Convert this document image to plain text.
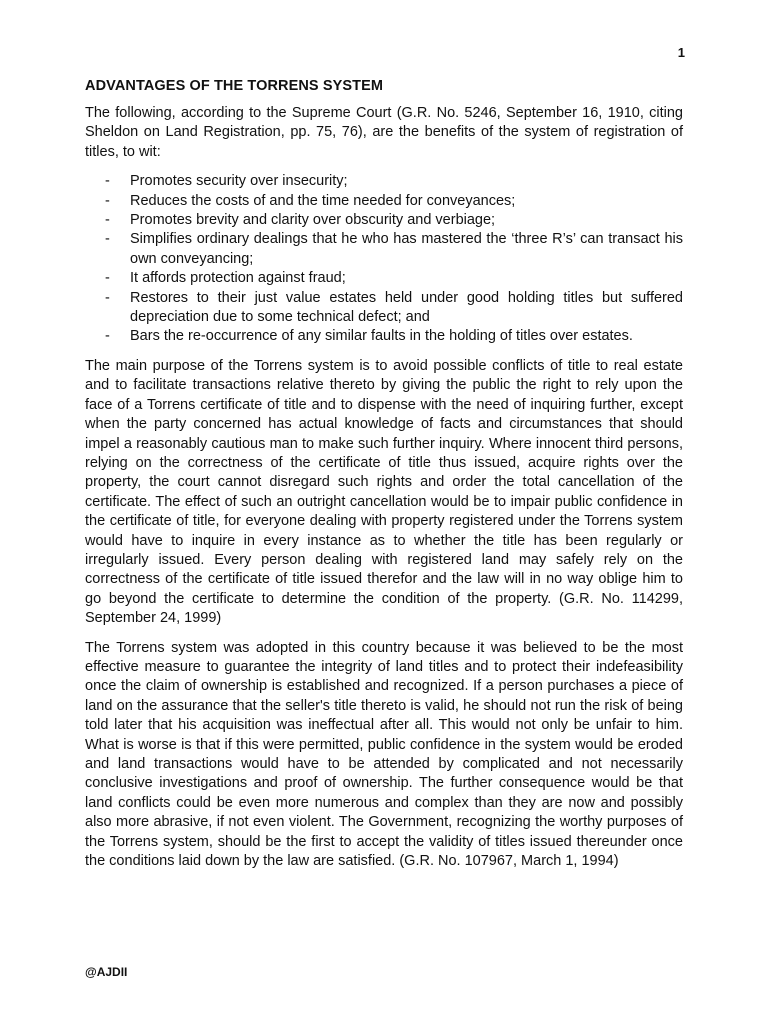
1
ADVANTAGES OF THE TORRENS SYSTEM

The following, according to the Supreme Court (G.R. No. 5246, September 16, 1910, citing Sheldon on Land Registration, pp. 75, 76), are the benefits of the system of registration of titles, to wit:

- Promotes security over insecurity;
- Reduces the costs of and the time needed for conveyances;
- Promotes brevity and clarity over obscurity and verbiage;
- Simplifies ordinary dealings that he who has mastered the ‘three R’s’ can transact his own conveyancing;
- It affords protection against fraud;
- Restores to their just value estates held under good holding titles but suffered depreciation due to some technical defect; and
- Bars the re-occurrence of any similar faults in the holding of titles over estates.

The main purpose of the Torrens system is to avoid possible conflicts of title to real estate and to facilitate transactions relative thereto by giving the public the right to rely upon the face of a Torrens certificate of title and to dispense with the need of inquiring further, except when the party concerned has actual knowledge of facts and circumstances that should impel a reasonably cautious man to make such further inquiry. Where innocent third persons, relying on the correctness of the certificate of title thus issued, acquire rights over the property, the court cannot disregard such rights and order the total cancellation of the certificate. The effect of such an outright cancellation would be to impair public confidence in the certificate of title, for everyone dealing with property registered under the Torrens system would have to inquire in every instance as to whether the title has been regularly or irregularly issued. Every person dealing with registered land may safely rely on the correctness of the certificate of title issued therefor and the law will in no way oblige him to go beyond the certificate to determine the condition of the property. (G.R. No. 114299, September 24, 1999)

The Torrens system was adopted in this country because it was believed to be the most effective measure to guarantee the integrity of land titles and to protect their indefeasibility once the claim of ownership is established and recognized. If a person purchases a piece of land on the assurance that the seller's title thereto is valid, he should not run the risk of being told later that his acquisition was ineffectual after all. This would not only be unfair to him. What is worse is that if this were permitted, public confidence in the system would be eroded and land transactions would have to be attended by complicated and not necessarily conclusive investigations and proof of ownership. The further consequence would be that land conflicts could be even more numerous and complex than they are now and possibly also more abrasive, if not even violent. The Government, recognizing the worthy purposes of the Torrens system, should be the first to accept the validity of titles issued thereunder once the conditions laid down by the law are satisfied. (G.R. No. 107967, March 1, 1994)

@AJDII
